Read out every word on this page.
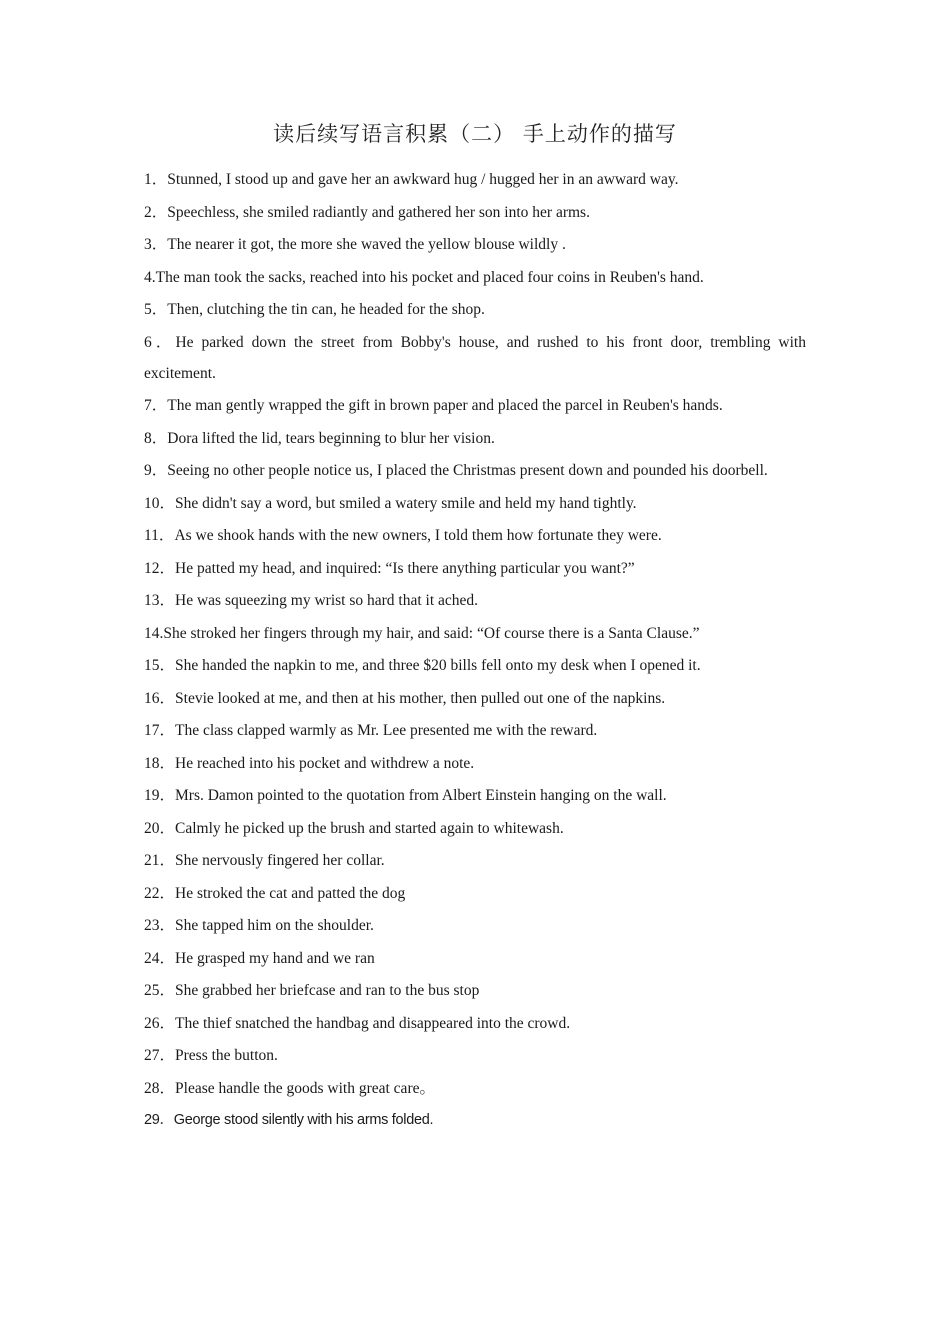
读后续写语言积累（二） 手上动作的描写
1．Stunned, I stood up and gave her an awkward hug / hugged her in an awward way.
2．Speechless, she smiled radiantly and gathered her son into her arms.
3．The nearer it got, the more she waved the yellow blouse wildly .
4.The man took the sacks, reached into his pocket and placed four coins in Reuben's hand.
5．Then, clutching the tin can, he headed for the shop.
6．He parked down the street from Bobby's house, and rushed to his front door, trembling with excitement.
7．The man gently wrapped the gift in brown paper and placed the parcel in Reuben's hands.
8．Dora lifted the lid, tears beginning to blur her vision.
9．Seeing no other people notice us, I placed the Christmas present down and pounded his doorbell.
10．She didn't say a word, but smiled a watery smile and held my hand tightly.
11．As we shook hands with the new owners, I told them how fortunate they were.
12．He patted my head, and inquired: “Is there anything particular you want?”
13．He was squeezing my wrist so hard that it ached.
14.She stroked her fingers through my hair, and said: “Of course there is a Santa Clause.”
15．She handed the napkin to me, and three $20 bills fell onto my desk when I opened it.
16．Stevie looked at me, and then at his mother, then pulled out one of the napkins.
17．The class clapped warmly as Mr. Lee presented me with the reward.
18．He reached into his pocket and withdrew a note.
19．Mrs. Damon pointed to the quotation from Albert Einstein hanging on the wall.
20．Calmly he picked up the brush and started again to whitewash.
21．She nervously fingered her collar.
22．He stroked the cat and patted the dog
23．She tapped him on the shoulder.
24．He grasped my hand and we ran
25．She grabbed her briefcase and ran to the bus stop
26．The thief snatched the handbag and disappeared into the crowd.
27．Press the button.
28．Please handle the goods with great care。
29．George stood silently with his arms folded.
